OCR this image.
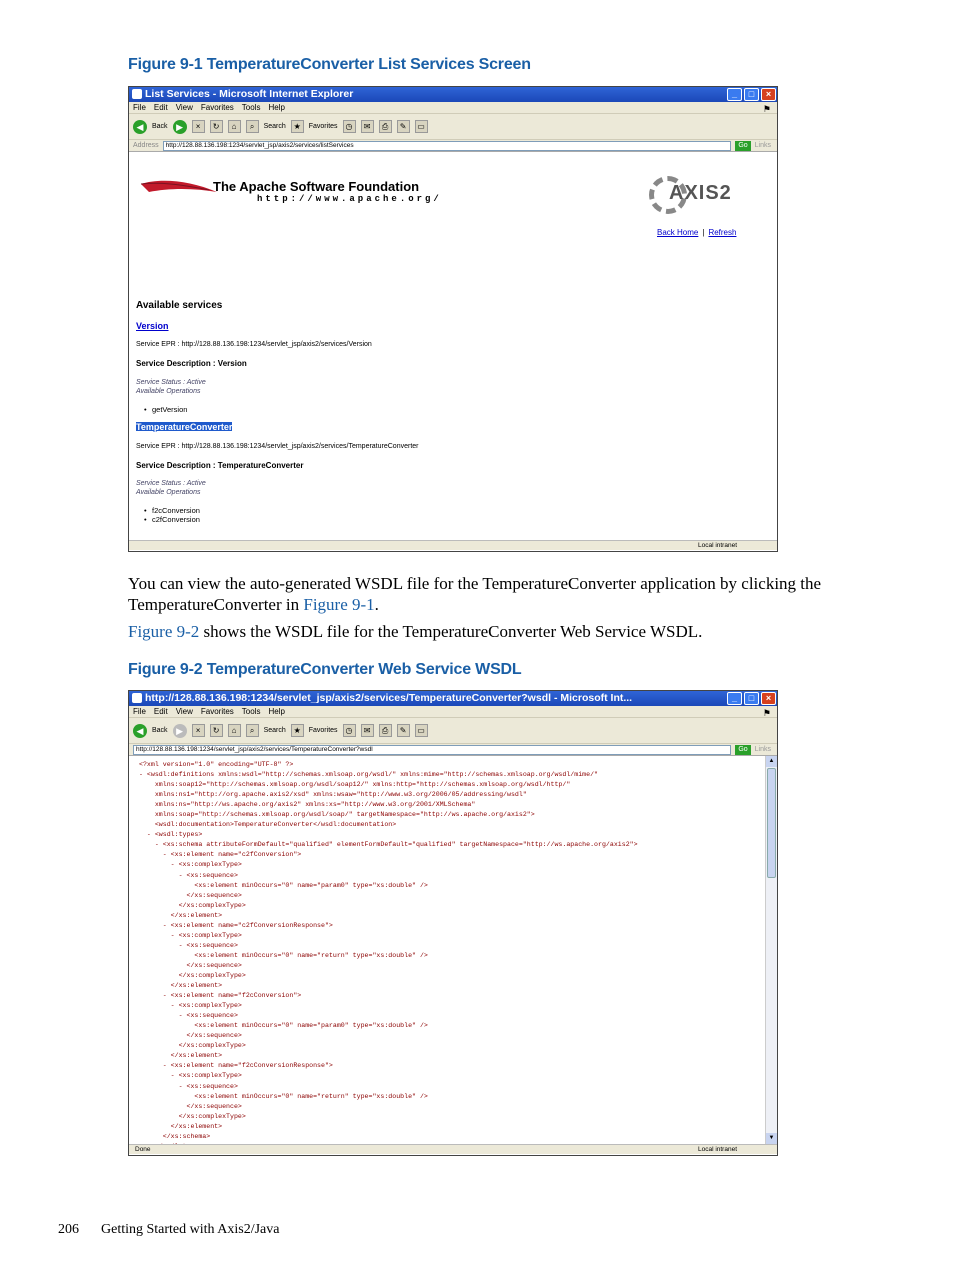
Figure 9-1 TemperatureConverter List Services Screen
List Services - Microsoft Internet Explorer	_	□	×
File Edit View Favorites Tools Help	⚑
◀	Back ▶	×	↻	⌂	⌕	Search ★	Favorites	◷	✉	⎙	✎	▭
Address	http://128.88.136.198:1234/servlet_jsp/axis2/services/listServices	Go	Links
The Apache Software Foundation
http://www.apache.org/	AXIS2
Back Home | Refresh
Available services
Version
Service EPR : http://128.88.136.198:1234/servlet_jsp/axis2/services/Version
Service Description : Version
Service Status : Active
Available Operations
• getVersion
TemperatureConverter
Service EPR : http://128.88.136.198:1234/servlet_jsp/axis2/services/TemperatureConverter
Service Description : TemperatureConverter
Service Status : Active
Available Operations
• f2cConversion
• c2fConversion
Local intranet
You can view the auto-generated WSDL file for the TemperatureConverter application by clicking the TemperatureConverter in Figure 9-1.
Figure 9-2 shows the WSDL file for the TemperatureConverter Web Service WSDL.
Figure 9-2 TemperatureConverter Web Service WSDL
http://128.88.136.198:1234/servlet_jsp/axis2/services/TemperatureConverter?wsdl - Microsoft Int...	_	□	×
File Edit View Favorites Tools Help	⚑
◀	Back ▶	×	↻	⌂	⌕	Search ★	Favorites	◷	✉	⎙	✎	▭
http://128.88.136.198:1234/servlet_jsp/axis2/services/TemperatureConverter?wsdl	Go	Links
<?xml version="1.0" encoding="UTF-8" ?>
- <wsdl:definitions xmlns:wsdl="http://schemas.xmlsoap.org/wsdl/" xmlns:mime="http://schemas.xmlsoap.org/wsdl/mime/"
xmlns:soap12="http://schemas.xmlsoap.org/wsdl/soap12/" xmlns:http="http://schemas.xmlsoap.org/wsdl/http/"
xmlns:ns1="http://org.apache.axis2/xsd" xmlns:wsaw="http://www.w3.org/2006/05/addressing/wsdl"
xmlns:ns="http://ws.apache.org/axis2" xmlns:xs="http://www.w3.org/2001/XMLSchema"
xmlns:soap="http://schemas.xmlsoap.org/wsdl/soap/" targetNamespace="http://ws.apache.org/axis2">
<wsdl:documentation>TemperatureConverter</wsdl:documentation>
- <wsdl:types>
- <xs:schema attributeFormDefault="qualified" elementFormDefault="qualified" targetNamespace="http://ws.apache.org/axis2">
- <xs:element name="c2fConversion">
- <xs:complexType>
- <xs:sequence>
<xs:element minOccurs="0" name="param0" type="xs:double" />
</xs:sequence>
</xs:complexType>
</xs:element>
- <xs:element name="c2fConversionResponse">
- <xs:complexType>
- <xs:sequence>
<xs:element minOccurs="0" name="return" type="xs:double" />
</xs:sequence>
</xs:complexType>
</xs:element>
- <xs:element name="f2cConversion">
- <xs:complexType>
- <xs:sequence>
<xs:element minOccurs="0" name="param0" type="xs:double" />
</xs:sequence>
</xs:complexType>
</xs:element>
- <xs:element name="f2cConversionResponse">
- <xs:complexType>
- <xs:sequence>
<xs:element minOccurs="0" name="return" type="xs:double" />
</xs:sequence>
</xs:complexType>
</xs:element>
</xs:schema>
▲
▼
Done	Local intranet
206 Getting Started with Axis2/Java
